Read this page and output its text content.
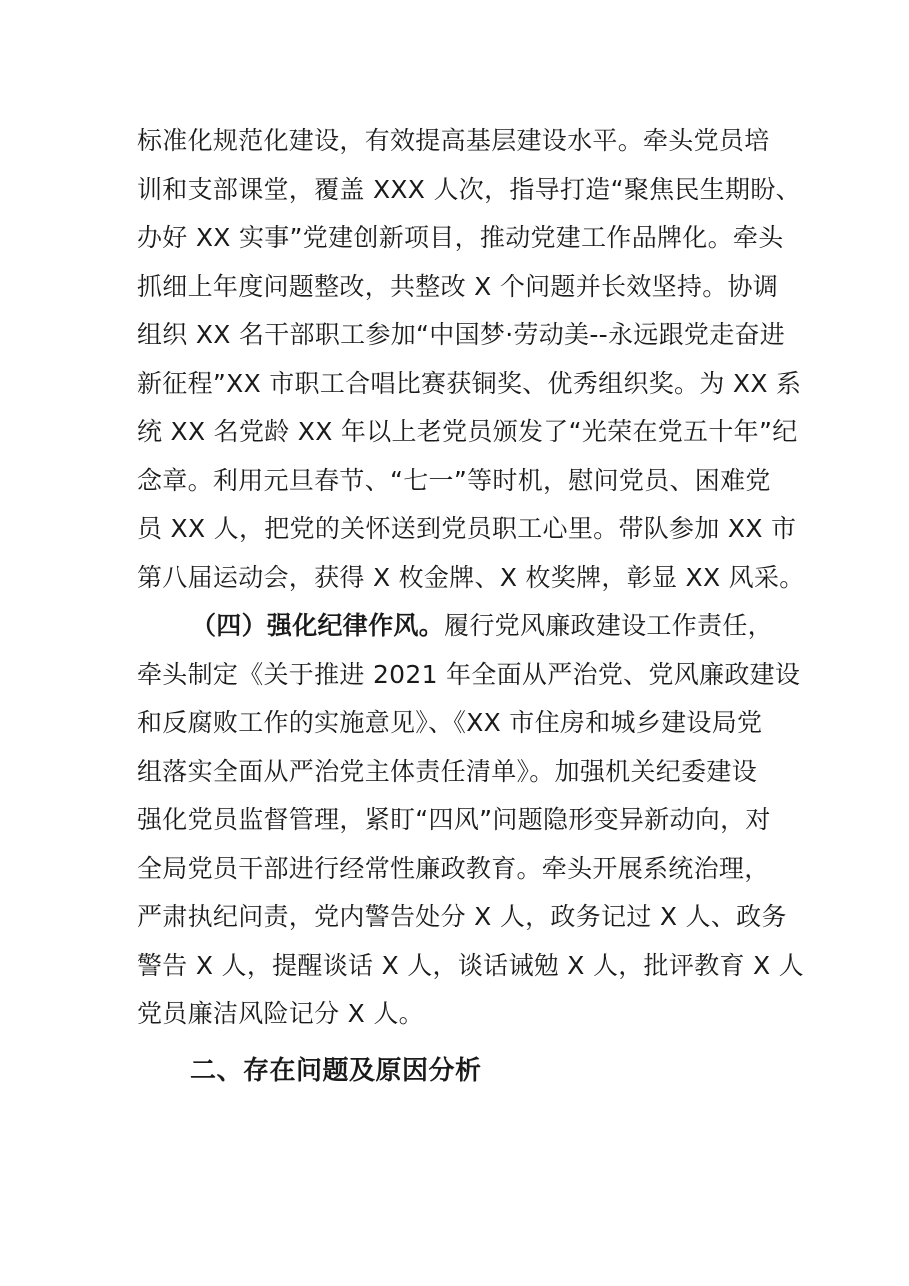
标准化规范化建设，有效提高基层建设水平。牵头党员培
训和支部课堂，覆盖 XXX 人次，指导打造“聚焦民生期盼、
办好 XX 实事”党建创新项目，推动党建工作品牌化。牵头
抓细上年度问题整改，共整改 X 个问题并长效坚持。协调
组织 XX 名干部职工参加“中国梦·劳动美--永远跟党走奋进
新征程”XX 市职工合唱比赛获铜奖、优秀组织奖。为 XX 系
统 XX 名党龄 XX 年以上老党员颁发了“光荣在党五十年”纪
念章。利用元旦春节、“七一”等时机，慰问党员、困难党
员 XX 人，把党的关怀送到党员职工心里。带队参加 XX 市
第八届运动会，获得 X 枚金牌、X 枚奖牌，彰显 XX 风采。
（四）强化纪律作风。履行党风廉政建设工作责任，
牵头制定《关于推进 2021 年全面从严治党、党风廉政建设
和反腐败工作的实施意见》、《XX 市住房和城乡建设局党
组落实全面从严治党主体责任清单》。加强机关纪委建设
强化党员监督管理，紧盯“四风”问题隐形变异新动向，对
全局党员干部进行经常性廉政教育。牵头开展系统治理，
严肃执纪问责，党内警告处分 X 人，政务记过 X 人、政务
警告 X 人，提醒谈话 X 人，谈话诫勉 X 人，批评教育 X 人
党员廉洁风险记分 X 人。
二、存在问题及原因分析
